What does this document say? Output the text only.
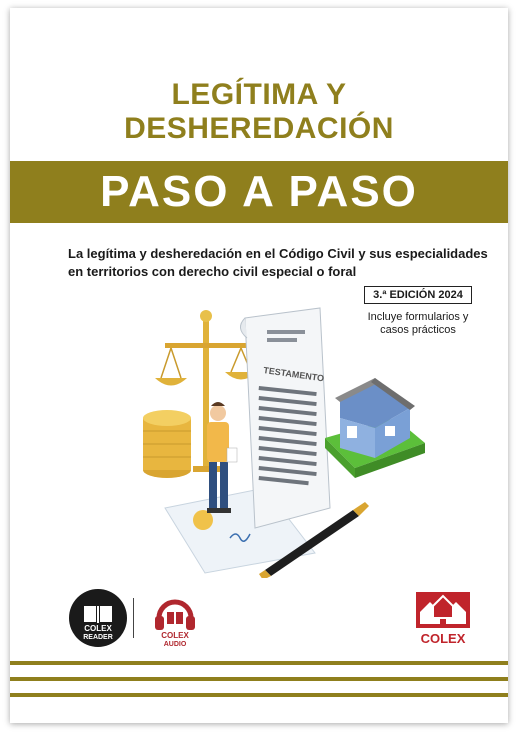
LEGÍTIMA Y
DESHEREDACIÓN
PASO A PASO
La legítima y desheredación en el Código Civil y sus especialidades
en territorios con derecho civil especial o foral
3.ª EDICIÓN 2024
Incluye formularios y
casos prácticos
TESTAMENTO
COLEX
READER	COLEX
AUDIO	COLEX
